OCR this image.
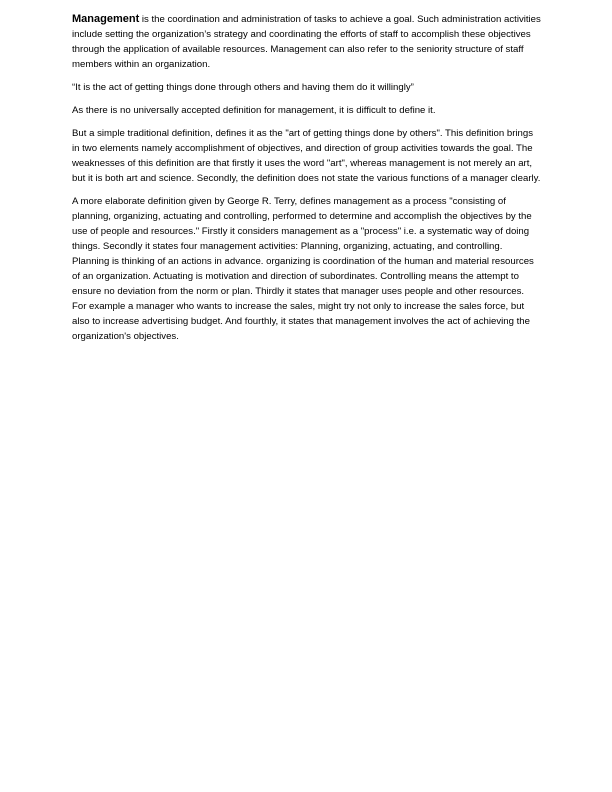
Management is the coordination and administration of tasks to achieve a goal. Such administration activities include setting the organization’s strategy and coordinating the efforts of staff to accomplish these objectives through the application of available resources. Management can also refer to the seniority structure of staff members within an organization.

“It is the act of getting things done through others and having them do it willingly”

As there is no universally accepted definition for management, it is difficult to define it.

But a simple traditional definition, defines it as the "art of getting things done by others". This definition brings in two elements namely accomplishment of objectives, and direction of group activities towards the goal. The weaknesses of this definition are that firstly it uses the word "art", whereas management is not merely an art, but it is both art and science. Secondly, the definition does not state the various functions of a manager clearly.

A more elaborate definition given by George R. Terry, defines management as a process "consisting of planning, organizing, actuating and controlling, performed to determine and accomplish the objectives by the use of people and resources." Firstly it considers management as a "process" i.e. a systematic way of doing things. Secondly it states four management activities: Planning, organizing, actuating, and controlling. Planning is thinking of an actions in advance. organizing is coordination of the human and material resources of an organization. Actuating is motivation and direction of subordinates. Controlling means the attempt to ensure no deviation from the norm or plan. Thirdly it states that manager uses people and other resources. For example a manager who wants to increase the sales, might try not only to increase the sales force, but also to increase advertising budget. And fourthly, it states that management involves the act of achieving the organization's objectives.
